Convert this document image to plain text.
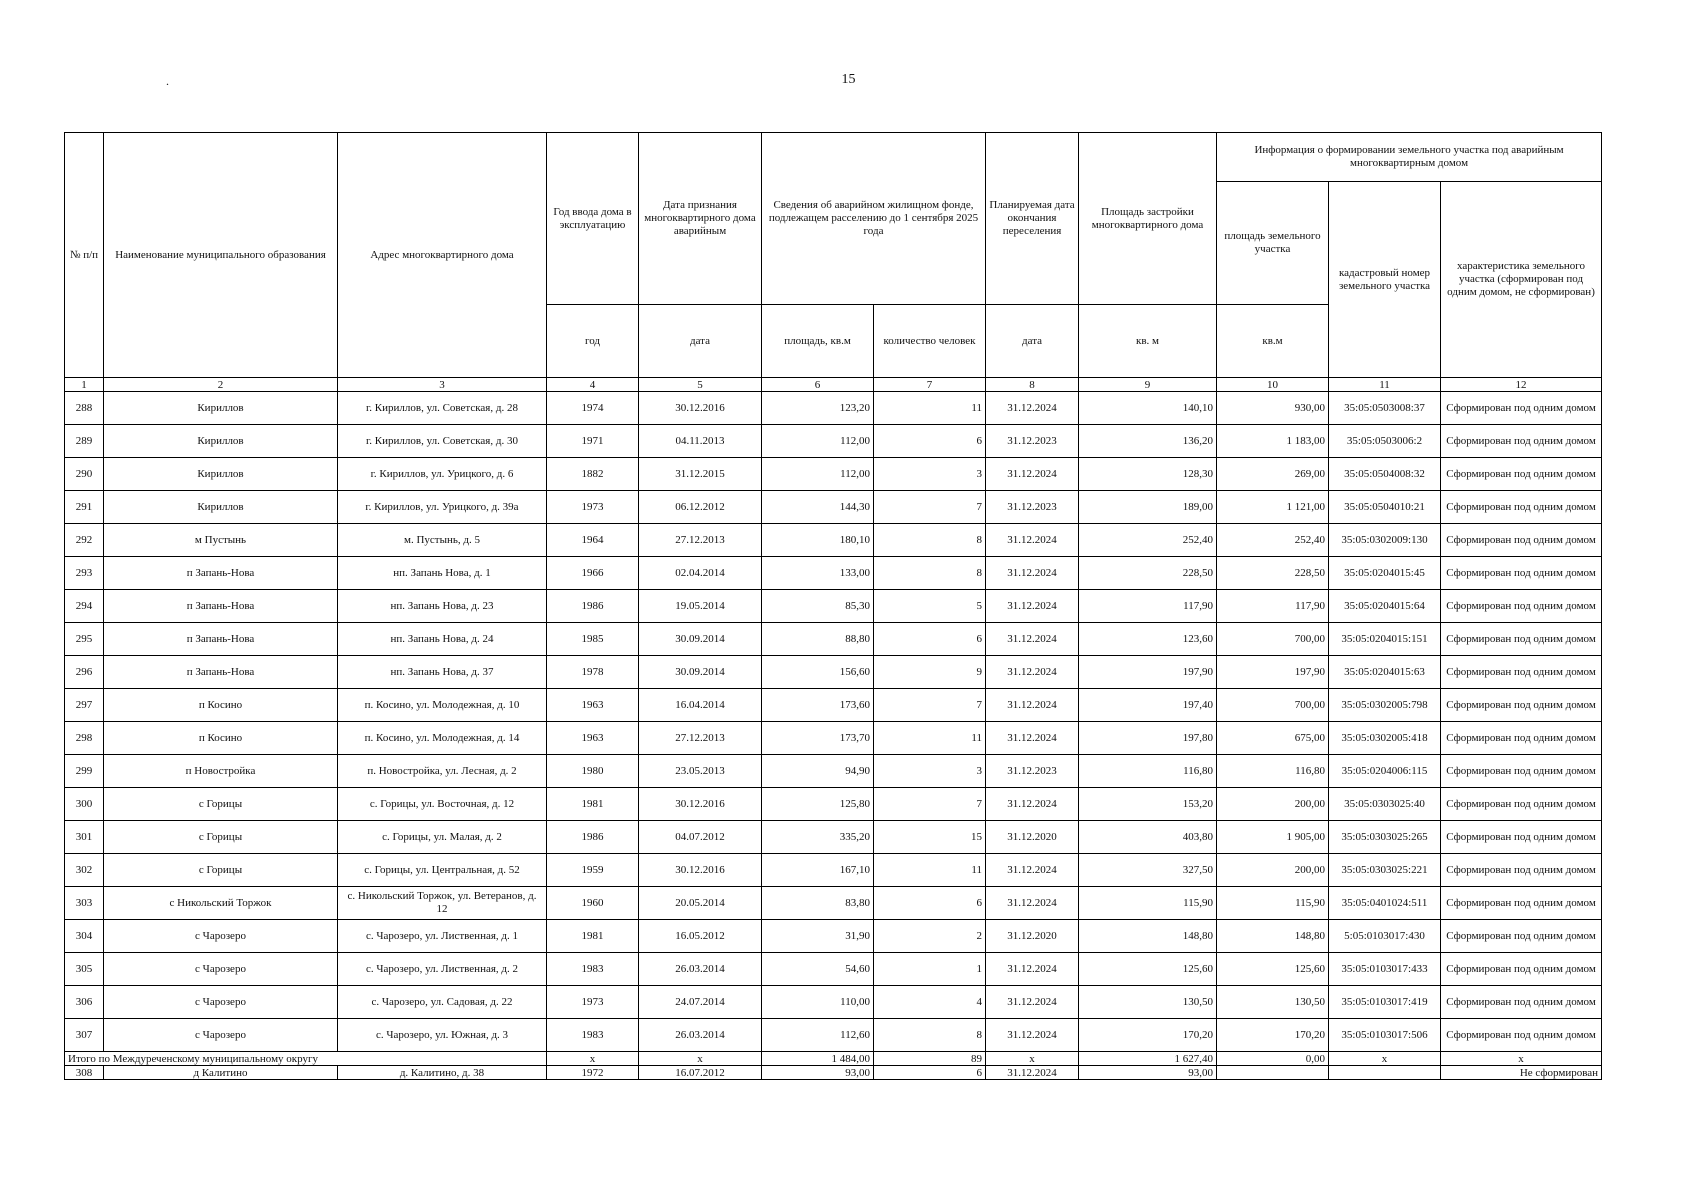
15
.
№ п/п	Наименование муниципального образования	Адрес многоквартирного дома	Год ввода дома в эксплуатацию	Дата признания многоквартирного дома аварийным	Сведения об аварийном жилищном фонде, подлежащем расселению до 1 сентября 2025 года		Планируемая дата окончания переселения	Площадь застройки многоквартирного дома	Информация о формировании земельного участка под аварийным многоквартирным домом		
									площадь земельного участка	кадастровый номер земельного участка	характеристика земельного участка (сформирован под одним домом, не сформирован)
			год	дата	площадь, кв.м	количество человек	дата	кв. м	кв.м		
1	2	3	4	5	6	7	8	9	10	11	12
288	Кириллов	г. Кириллов, ул. Советская, д. 28	1974	30.12.2016	123,20	11	31.12.2024	140,10	930,00	35:05:0503008:37	Сформирован под одним домом
289	Кириллов	г. Кириллов, ул. Советская, д. 30	1971	04.11.2013	112,00	6	31.12.2023	136,20	1 183,00	35:05:0503006:2	Сформирован под одним домом
290	Кириллов	г. Кириллов, ул. Урицкого, д. 6	1882	31.12.2015	112,00	3	31.12.2024	128,30	269,00	35:05:0504008:32	Сформирован под одним домом
291	Кириллов	г. Кириллов, ул. Урицкого, д. 39а	1973	06.12.2012	144,30	7	31.12.2023	189,00	1 121,00	35:05:0504010:21	Сформирован под одним домом
292	м Пустынь	м. Пустынь, д. 5	1964	27.12.2013	180,10	8	31.12.2024	252,40	252,40	35:05:0302009:130	Сформирован под одним домом
293	п Запань-Нова	нп. Запань Нова, д. 1	1966	02.04.2014	133,00	8	31.12.2024	228,50	228,50	35:05:0204015:45	Сформирован под одним домом
294	п Запань-Нова	нп. Запань Нова, д. 23	1986	19.05.2014	85,30	5	31.12.2024	117,90	117,90	35:05:0204015:64	Сформирован под одним домом
295	п Запань-Нова	нп. Запань Нова, д. 24	1985	30.09.2014	88,80	6	31.12.2024	123,60	700,00	35:05:0204015:151	Сформирован под одним домом
296	п Запань-Нова	нп. Запань Нова, д. 37	1978	30.09.2014	156,60	9	31.12.2024	197,90	197,90	35:05:0204015:63	Сформирован под одним домом
297	п Косино	п. Косино, ул. Молодежная, д. 10	1963	16.04.2014	173,60	7	31.12.2024	197,40	700,00	35:05:0302005:798	Сформирован под одним домом
298	п Косино	п. Косино, ул. Молодежная, д. 14	1963	27.12.2013	173,70	11	31.12.2024	197,80	675,00	35:05:0302005:418	Сформирован под одним домом
299	п Новостройка	п. Новостройка, ул. Лесная, д. 2	1980	23.05.2013	94,90	3	31.12.2023	116,80	116,80	35:05:0204006:115	Сформирован под одним домом
300	с Горицы	с. Горицы, ул. Восточная, д. 12	1981	30.12.2016	125,80	7	31.12.2024	153,20	200,00	35:05:0303025:40	Сформирован под одним домом
301	с Горицы	с. Горицы, ул. Малая, д. 2	1986	04.07.2012	335,20	15	31.12.2020	403,80	1 905,00	35:05:0303025:265	Сформирован под одним домом
302	с Горицы	с. Горицы, ул. Центральная, д. 52	1959	30.12.2016	167,10	11	31.12.2024	327,50	200,00	35:05:0303025:221	Сформирован под одним домом
303	с Никольский Торжок	с. Никольский Торжок, ул. Ветеранов, д. 12	1960	20.05.2014	83,80	6	31.12.2024	115,90	115,90	35:05:0401024:511	Сформирован под одним домом
304	с Чарозеро	с. Чарозеро, ул. Лиственная, д. 1	1981	16.05.2012	31,90	2	31.12.2020	148,80	148,80	5:05:0103017:430	Сформирован под одним домом
305	с Чарозеро	с. Чарозеро, ул. Лиственная, д. 2	1983	26.03.2014	54,60	1	31.12.2024	125,60	125,60	35:05:0103017:433	Сформирован под одним домом
306	с Чарозеро	с. Чарозеро, ул. Садовая, д. 22	1973	24.07.2014	110,00	4	31.12.2024	130,50	130,50	35:05:0103017:419	Сформирован под одним домом
307	с Чарозеро	с. Чарозеро, ул. Южная, д. 3	1983	26.03.2014	112,60	8	31.12.2024	170,20	170,20	35:05:0103017:506	Сформирован под одним домом
Итого по Междуреченскому муниципальному округу			х	х	1 484,00	89	х	1 627,40	0,00	х	х
308	д Калитино	д. Калитино, д. 38	1972	16.07.2012	93,00	6	31.12.2024	93,00			Не сформирован
